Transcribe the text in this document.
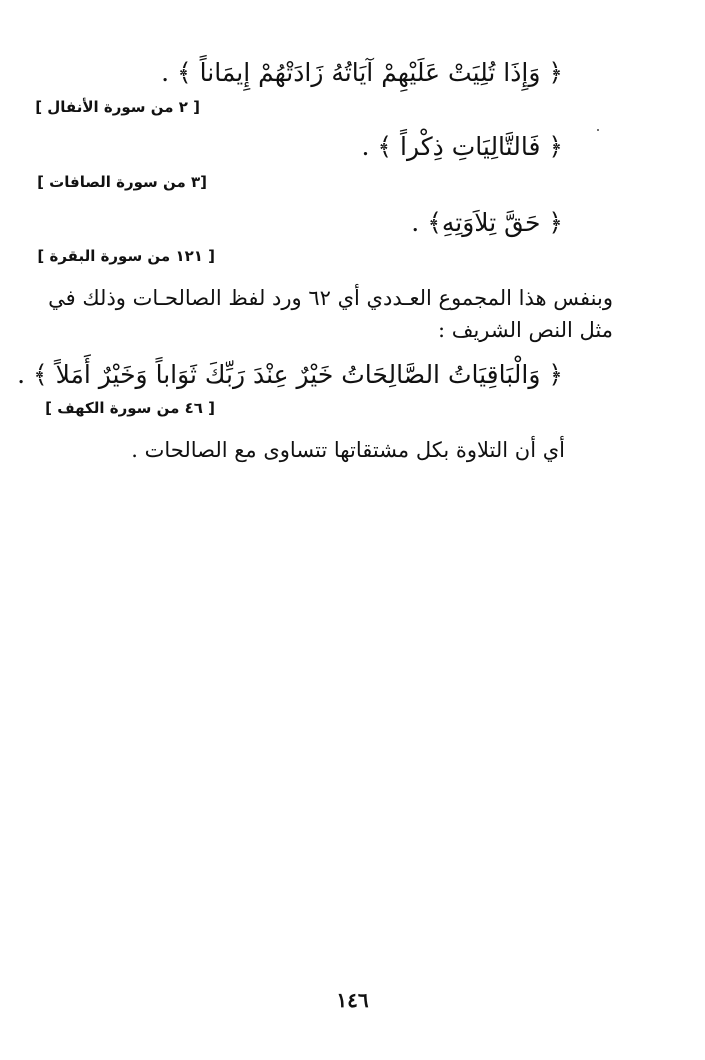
﴿ وَإِذَا تُلِيَتْ عَلَيْهِمْ آيَاتُهُ زَادَتْهُمْ إِيمَاناً ﴾ .
[ ٢ من سورة الأنفال ]
﴿ فَالتَّالِيَاتِ ذِكْراً ﴾ .
[٣ من سورة الصافات ]
﴿ حَقَّ تِلاَوَتِهِ﴾ .
[ ١٢١ من سورة البقرة ]
وبنفس هذا المجموع العـددي أي ٦٢ ورد لفظ الصالحـات وذلك في
مثل النص الشريف :
﴿ وَالْبَاقِيَاتُ الصَّالِحَاتُ خَيْرٌ عِنْدَ رَبِّكَ ثَوَاباً وَخَيْرٌ أَمَلاً ﴾ .
[ ٤٦ من سورة الكهف ]
أي أن التلاوة بكل مشتقاتها تتساوى مع الصالحات .
١٤٦
